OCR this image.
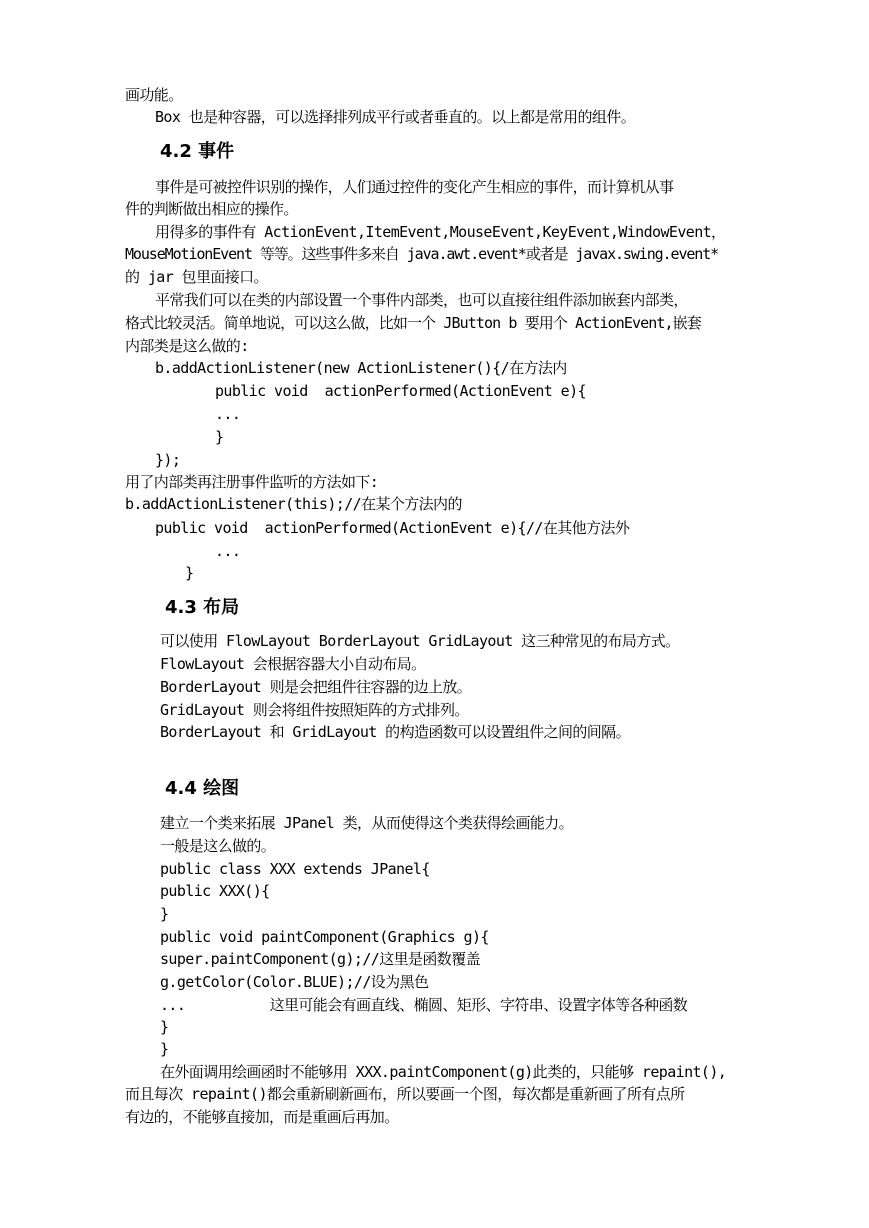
画功能。
Box 也是种容器，可以选择排列成平行或者垂直的。以上都是常用的组件。
4.2 事件
事件是可被控件识别的操作，人们通过控件的变化产生相应的事件，而计算机从事
件的判断做出相应的操作。
用得多的事件有 ActionEvent,ItemEvent,MouseEvent,KeyEvent,WindowEvent，
MouseMotionEvent 等等。这些事件多来自 java.awt.event*或者是 javax.swing.event*
的 jar 包里面接口。
平常我们可以在类的内部设置一个事件内部类，也可以直接往组件添加嵌套内部类，
格式比较灵活。简单地说，可以这么做，比如一个 JButton b 要用个 ActionEvent,嵌套
内部类是这么做的:
b.addActionListener(new ActionListener(){/在方法内
public void  actionPerformed(ActionEvent e){
...
}
});
用了内部类再注册事件监听的方法如下:
b.addActionListener(this);//在某个方法内的
public void  actionPerformed(ActionEvent e){//在其他方法外
...
}
4.3 布局
可以使用 FlowLayout BorderLayout GridLayout 这三种常见的布局方式。
FlowLayout 会根据容器大小自动布局。
BorderLayout 则是会把组件往容器的边上放。
GridLayout 则会将组件按照矩阵的方式排列。
BorderLayout 和 GridLayout 的构造函数可以设置组件之间的间隔。
4.4 绘图
建立一个类来拓展 JPanel 类，从而使得这个类获得绘画能力。
一般是这么做的。
public class XXX extends JPanel{
public XXX(){
}
public void paintComponent(Graphics g){
super.paintComponent(g);//这里是函数覆盖
g.getColor(Color.BLUE);//设为黑色
...          这里可能会有画直线、椭圆、矩形、字符串、设置字体等各种函数
}
}
在外面调用绘画函时不能够用 XXX.paintComponent(g)此类的，只能够 repaint(),
而且每次 repaint()都会重新刷新画布，所以要画一个图，每次都是重新画了所有点所
有边的，不能够直接加，而是重画后再加。
